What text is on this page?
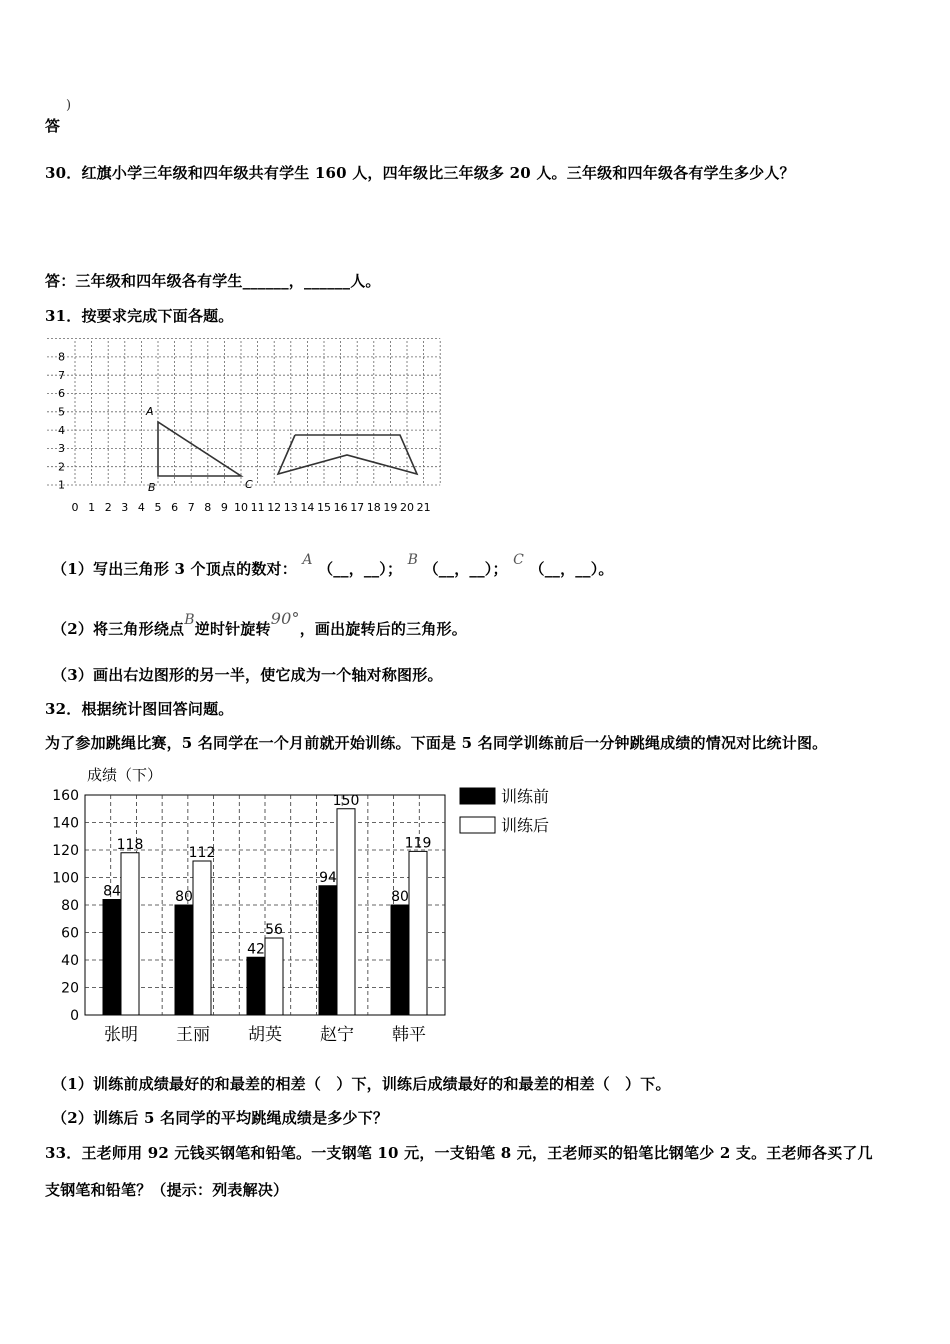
答
)
30．红旗小学三年级和四年级共有学生 160 人，四年级比三年级多 20 人。三年级和四年级各有学生多少人？
答：三年级和四年级各有学生______，______人。
31．按要求完成下面各题。
8
7
6
5
4
3
2
1
0 1 2 3 4 5 6 7 8 9 10 11 12 13 14 15 16 17 18 19 20 21
A
B	C
（1）写出三角形 3 个顶点的数对： A （__，__）； B （__，__）； C （__，__）。
（2）将三角形绕点B逆时针旋转90°，画出旋转后的三角形。
（3）画出右边图形的另一半，使它成为一个轴对称图形。
32．根据统计图回答问题。
为了参加跳绳比赛，5 名同学在一个月前就开始训练。下面是 5 名同学训练前后一分钟跳绳成绩的情况对比统计图。
成绩（下）
0
20
40
60
80
100
120
140
160
84
118
80
112
42
56
94
150
80
119
张明 王丽 胡英 赵宁 韩平
训练前
训练后
（1）训练前成绩最好的和最差的相差（　）下，训练后成绩最好的和最差的相差（　）下。
（2）训练后 5 名同学的平均跳绳成绩是多少下？
33．王老师用 92 元钱买钢笔和铅笔。一支钢笔 10 元，一支铅笔 8 元，王老师买的铅笔比钢笔少 2 支。王老师各买了几
支钢笔和铅笔？（提示：列表解决）
